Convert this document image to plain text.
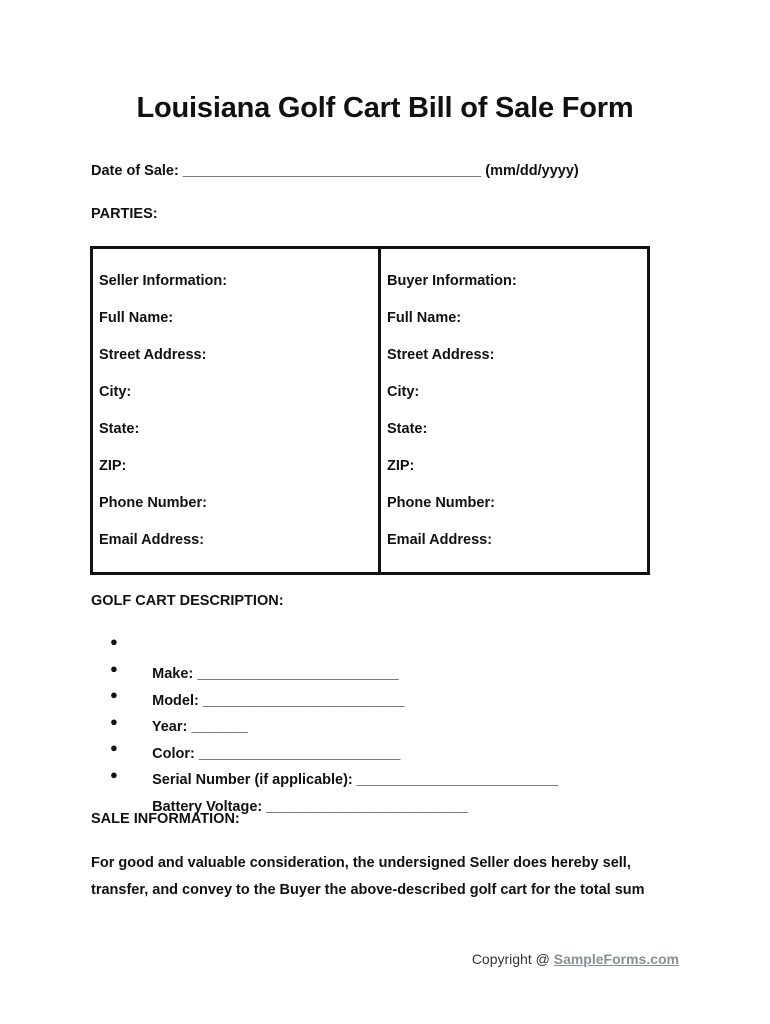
Louisiana Golf Cart Bill of Sale Form
Date of Sale: _____________________________________ (mm/dd/yyyy)
PARTIES:
Seller Information:
Full Name:
Street Address:
City:
State:
ZIP:
Phone Number:
Email Address:
Buyer Information:
Full Name:
Street Address:
City:
State:
ZIP:
Phone Number:
Email Address:
GOLF CART DESCRIPTION:

●

Make: _________________________

●

Model: _________________________

●

Year: _______

●

Color: _________________________

●

Serial Number (if applicable): _________________________

●

Battery Voltage: _________________________

SALE INFORMATION:
For good and valuable consideration, the undersigned Seller does hereby sell, transfer, and convey to the Buyer the above-described golf cart for the total sum
Copyright @ SampleForms.com
